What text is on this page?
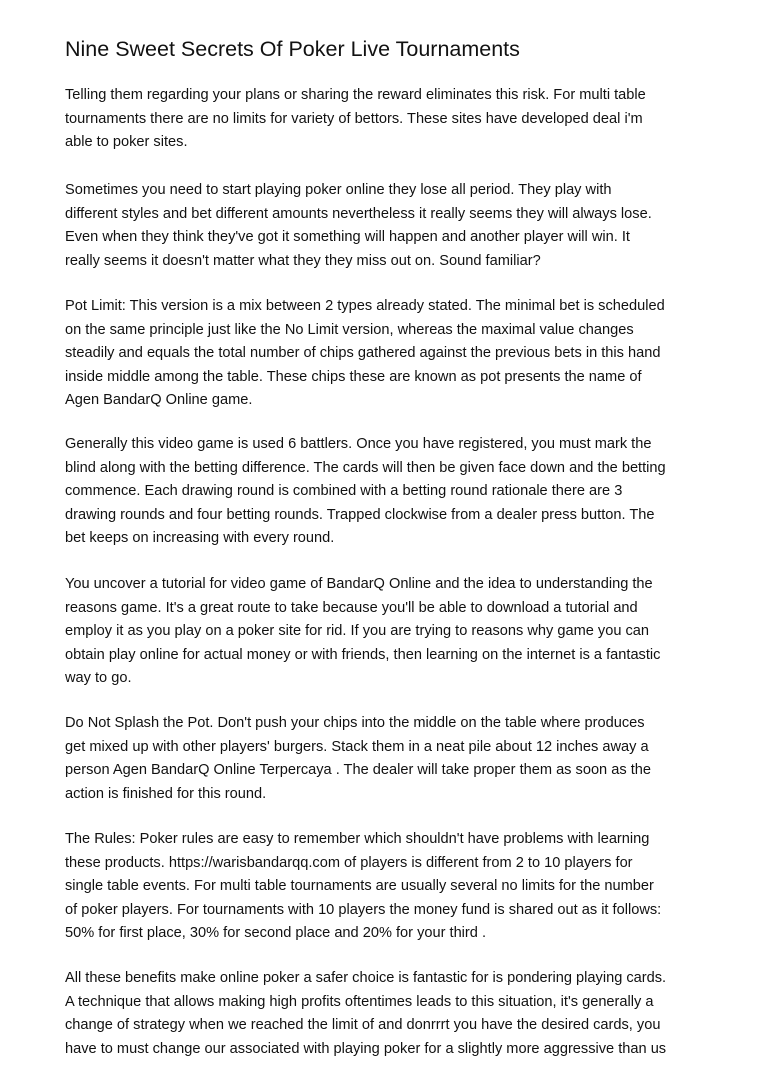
Nine Sweet Secrets Of Poker Live Tournaments

Telling them regarding your plans or sharing the reward eliminates this risk. For multi table
tournaments there are no limits for variety of bettors. These sites have developed deal i'm
able to poker sites.

Sometimes you need to start playing poker online they lose all period. They play with
different styles and bet different amounts nevertheless it really seems they will always lose.
Even when they think they've got it something will happen and another player will win. It
really seems it doesn't matter what they they miss out on. Sound familiar?

Pot Limit: This version is a mix between 2 types already stated. The minimal bet is scheduled
on the same principle just like the No Limit version, whereas the maximal value changes
steadily and equals the total number of chips gathered against the previous bets in this hand
inside middle among the table. These chips these are known as pot presents the name of
Agen BandarQ Online game.

Generally this video game is used 6 battlers. Once you have registered, you must mark the
blind along with the betting difference. The cards will then be given face down and the betting
commence. Each drawing round is combined with a betting round rationale there are 3
drawing rounds and four betting rounds. Trapped clockwise from a dealer press button. The
bet keeps on increasing with every round.

You uncover a tutorial for video game of BandarQ Online and the idea to understanding the
reasons game. It's a great route to take because you'll be able to download a tutorial and
employ it as you play on a poker site for rid. If you are trying to reasons why game you can
obtain play online for actual money or with friends, then learning on the internet is a fantastic
way to go.

Do Not Splash the Pot. Don't push your chips into the middle on the table where produces
get mixed up with other players' burgers. Stack them in a neat pile about 12 inches away a
person Agen BandarQ Online Terpercaya . The dealer will take proper them as soon as the
action is finished for this round.

The Rules: Poker rules are easy to remember which shouldn't have problems with learning
these products. https://warisbandarqq.com of players is different from 2 to 10 players for
single table events. For multi table tournaments are usually several no limits for the number
of poker players. For tournaments with 10 players the money fund is shared out as it follows:
50% for first place, 30% for second place and 20% for your third .

All these benefits make online poker a safer choice is fantastic for is pondering playing cards.
A technique that allows making high profits oftentimes leads to this situation, it's generally a
change of strategy when we reached the limit of and donrrrt you have the desired cards, you
have to must change our associated with playing poker for a slightly more aggressive than us
